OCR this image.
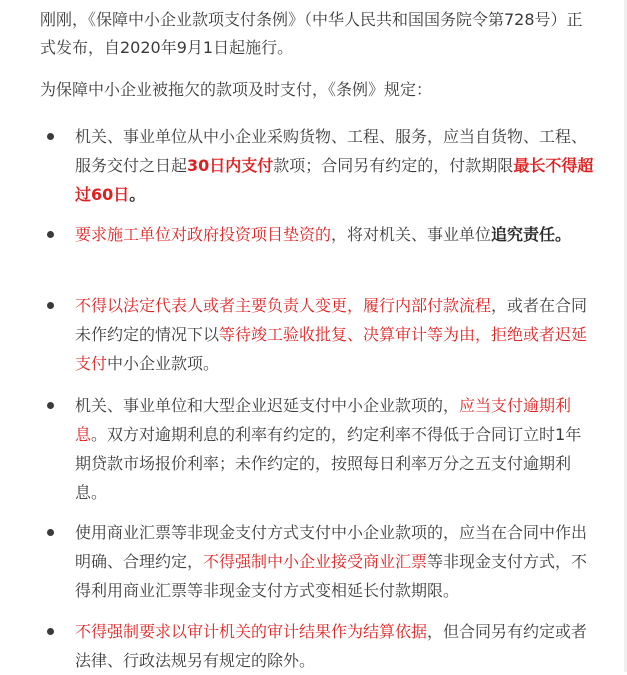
刚刚，《保障中小企业款项支付条例》（中华人民共和国国务院令第728号）正式发布，自2020年9月1日起施行。

为保障中小企业被拖欠的款项及时支付，《条例》规定：

机关、事业单位从中小企业采购货物、工程、服务，应当自货物、工程、服务交付之日起30日内支付款项；合同另有约定的，付款期限最长不得超过60日。

要求施工单位对政府投资项目垫资的，将对机关、事业单位追究责任。

不得以法定代表人或者主要负责人变更，履行内部付款流程，或者在合同未作约定的情况下以等待竣工验收批复、决算审计等为由，拒绝或者迟延支付中小企业款项。

机关、事业单位和大型企业迟延支付中小企业款项的，应当支付逾期利息。双方对逾期利息的利率有约定的，约定利率不得低于合同订立时1年期贷款市场报价利率；未作约定的，按照每日利率万分之五支付逾期利息。

使用商业汇票等非现金支付方式支付中小企业款项的，应当在合同中作出明确、合理约定，不得强制中小企业接受商业汇票等非现金支付方式，不得利用商业汇票等非现金支付方式变相延长付款期限。

不得强制要求以审计机关的审计结果作为结算依据，但合同另有约定或者法律、行政法规另有规定的除外。
